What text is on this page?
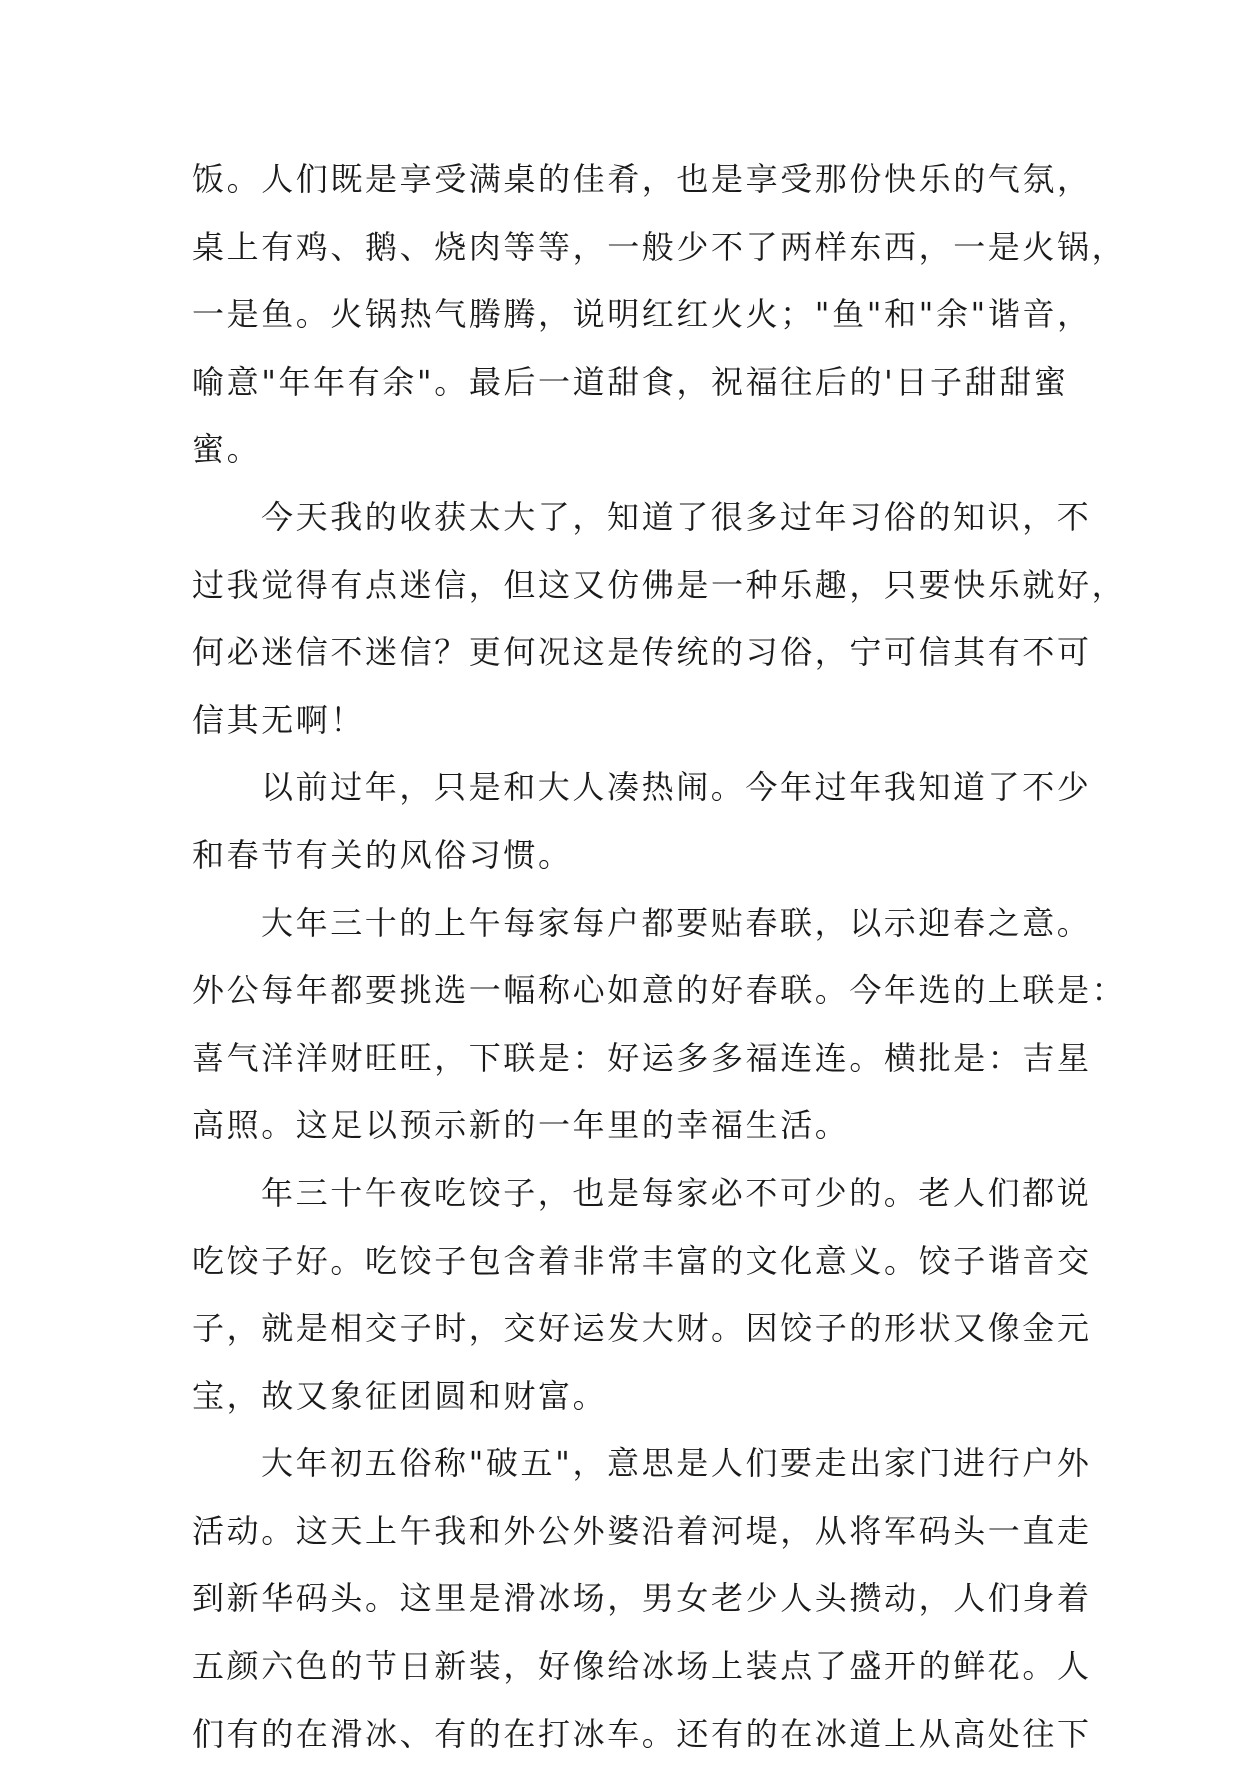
饭。人们既是享受满桌的佳肴，也是享受那份快乐的气氛，
桌上有鸡、鹅、烧肉等等，一般少不了两样东西，一是火锅，
一是鱼。火锅热气腾腾，说明红红火火；"鱼"和"余"谐音，
喻意"年年有余"。最后一道甜食，祝福往后的'日子甜甜蜜
蜜。
今天我的收获太大了，知道了很多过年习俗的知识，不
过我觉得有点迷信，但这又仿佛是一种乐趣，只要快乐就好，
何必迷信不迷信？更何况这是传统的习俗，宁可信其有不可
信其无啊！
以前过年，只是和大人凑热闹。今年过年我知道了不少
和春节有关的风俗习惯。
大年三十的上午每家每户都要贴春联，以示迎春之意。
外公每年都要挑选一幅称心如意的好春联。今年选的上联是：
喜气洋洋财旺旺，下联是：好运多多福连连。横批是：吉星
高照。这足以预示新的一年里的幸福生活。
年三十午夜吃饺子，也是每家必不可少的。老人们都说
吃饺子好。吃饺子包含着非常丰富的文化意义。饺子谐音交
子，就是相交子时，交好运发大财。因饺子的形状又像金元
宝，故又象征团圆和财富。
大年初五俗称"破五"，意思是人们要走出家门进行户外
活动。这天上午我和外公外婆沿着河堤，从将军码头一直走
到新华码头。这里是滑冰场，男女老少人头攒动，人们身着
五颜六色的节日新装，好像给冰场上装点了盛开的鲜花。人
们有的在滑冰、有的在打冰车。还有的在冰道上从高处往下
